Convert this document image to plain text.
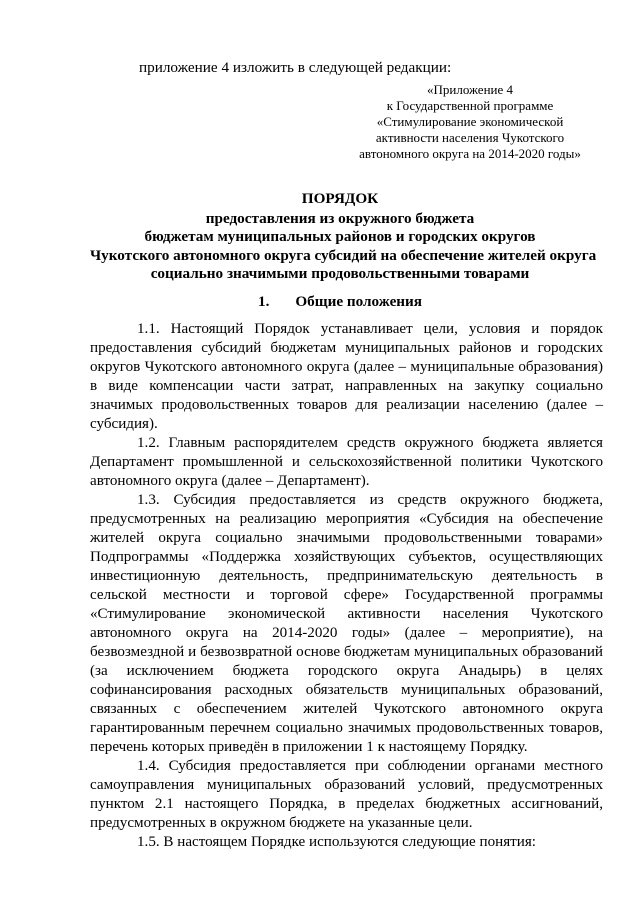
приложение 4 изложить в следующей редакции:
«Приложение 4
к Государственной программе
«Стимулирование экономической
активности населения Чукотского
автономного округа на 2014-2020 годы»
ПОРЯДОК
предоставления из окружного бюджета
бюджетам муниципальных районов и городских округов
Чукотского автономного округа субсидий на обеспечение жителей округа
социально значимыми продовольственными товарами
1. Общие положения

1.1. Настоящий Порядок устанавливает цели, условия и порядок предоставления субсидий бюджетам муниципальных районов и городских округов Чукотского автономного округа (далее – муниципальные образования) в виде компенсации части затрат, направленных на закупку социально значимых продовольственных товаров для реализации населению (далее – субсидия).

1.2. Главным распорядителем средств окружного бюджета является Департамент промышленной и сельскохозяйственной политики Чукотского автономного округа (далее – Департамент).

1.3. Субсидия предоставляется из средств окружного бюджета, предусмотренных на реализацию мероприятия «Субсидия на обеспечение жителей округа социально значимыми продовольственными товарами» Подпрограммы «Поддержка хозяйствующих субъектов, осуществляющих инвестиционную деятельность, предпринимательскую деятельность в сельской местности и торговой сфере» Государственной программы «Стимулирование экономической активности населения Чукотского автономного округа на 2014-2020 годы» (далее – мероприятие), на безвозмездной и безвозвратной основе бюджетам муниципальных образований (за исключением бюджета городского округа Анадырь) в целях софинансирования расходных обязательств муниципальных образований, связанных с обеспечением жителей Чукотского автономного округа гарантированным перечнем социально значимых продовольственных товаров, перечень которых приведён в приложении 1 к настоящему Порядку.

1.4. Субсидия предоставляется при соблюдении органами местного самоуправления муниципальных образований условий, предусмотренных пунктом 2.1 настоящего Порядка, в пределах бюджетных ассигнований, предусмотренных в окружном бюджете на указанные цели.

1.5. В настоящем Порядке используются следующие понятия:
